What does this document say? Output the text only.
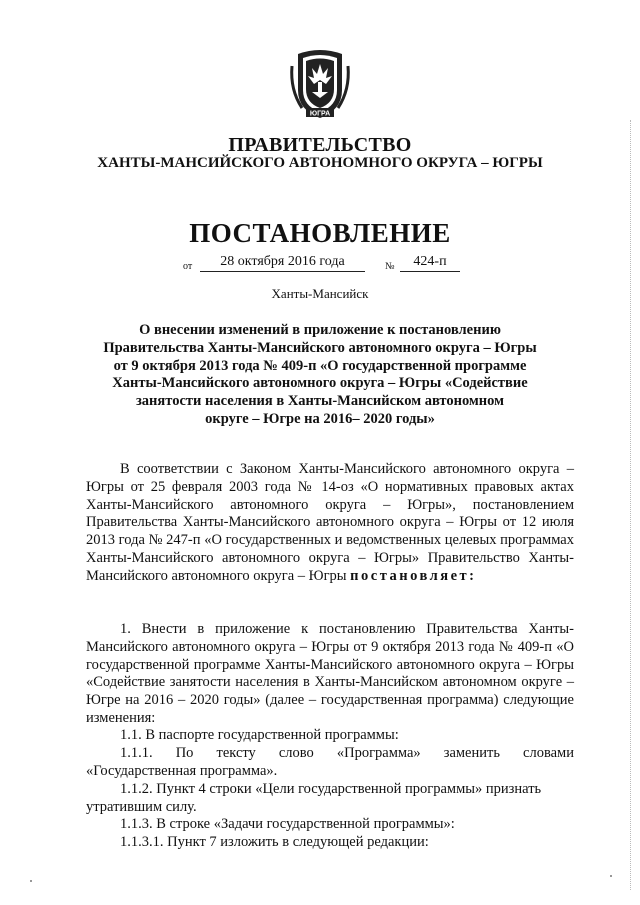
ЮГРА
ПРАВИТЕЛЬСТВО
ХАНТЫ-МАНСИЙСКОГО АВТОНОМНОГО ОКРУГА – ЮГРЫ
ПОСТАНОВЛЕНИЕ
от	28 октября 2016 года	№	424-п
Ханты-Мансийск
О внесении изменений в приложение к постановлению
Правительства Ханты-Мансийского автономного округа – Югры
от 9 октября 2013 года № 409-п «О государственной программе
Ханты-Мансийского автономного округа – Югры «Содействие
занятости населения в Ханты-Мансийском автономном
округе – Югре на 2016– 2020 годы»
В соответствии с Законом Ханты-Мансийского автономного округа – Югры от 25 февраля 2003 года № 14-оз «О нормативных правовых актах Ханты-Мансийского автономного округа – Югры», постановлением Правительства Ханты-Мансийского автономного округа – Югры от 12 июля 2013 года № 247-п «О государственных и ведомственных целевых программах Ханты-Мансийского автономного округа – Югры» Правительство Ханты-Мансийского автономного округа – Югры постановляет:
1. Внести в приложение к постановлению Правительства Ханты-Мансийского автономного округа – Югры от 9 октября 2013 года № 409-п «О государственной программе Ханты-Мансийского автономного округа – Югры «Содействие занятости населения в Ханты-Мансийском автономном округе – Югре на 2016 – 2020 годы» (далее – государственная программа) следующие изменения:
1.1. В паспорте государственной программы:
1.1.1. По тексту слово «Программа» заменить словами
«Государственная программа».
1.1.2. Пункт 4 строки «Цели государственной программы» признать утратившим силу.
1.1.3. В строке «Задачи государственной программы»:
1.1.3.1. Пункт 7 изложить в следующей редакции:
